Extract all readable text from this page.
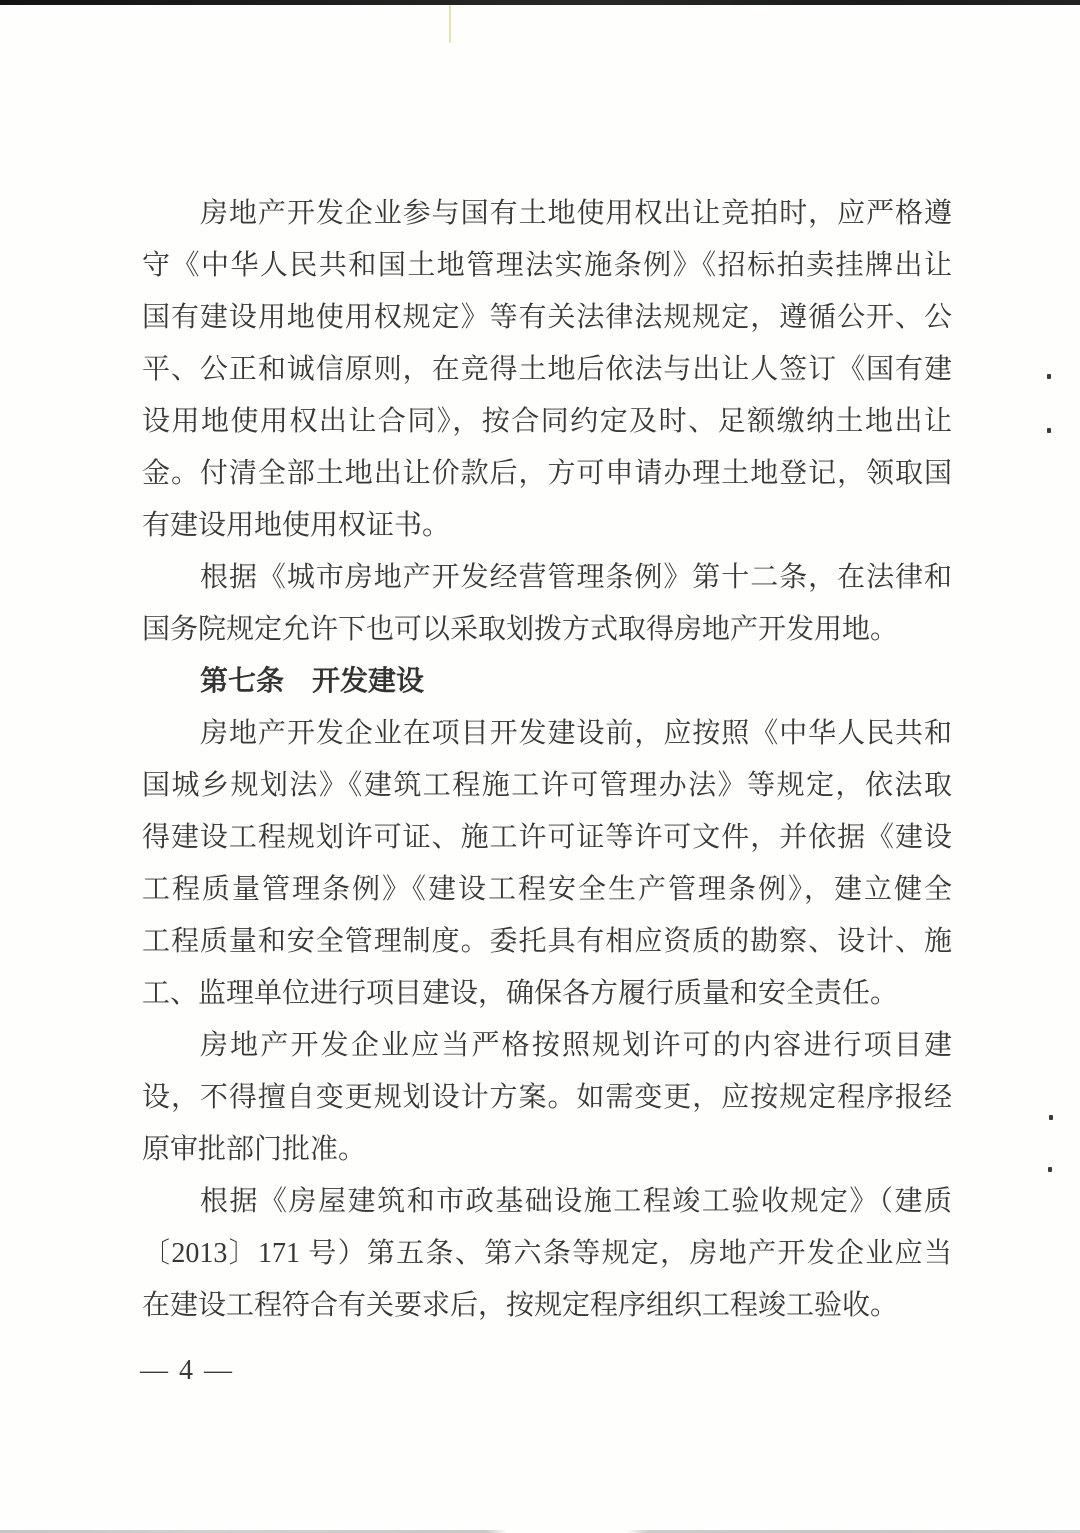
房地产开发企业参与国有土地使用权出让竞拍时，应严格遵
守《中华人民共和国土地管理法实施条例》《招标拍卖挂牌出让
国有建设用地使用权规定》等有关法律法规规定，遵循公开、公
平、公正和诚信原则，在竞得土地后依法与出让人签订《国有建
设用地使用权出让合同》，按合同约定及时、足额缴纳土地出让
金。付清全部土地出让价款后，方可申请办理土地登记，领取国
有建设用地使用权证书。
根据《城市房地产开发经营管理条例》第十二条，在法律和
国务院规定允许下也可以采取划拨方式取得房地产开发用地。
第七条　开发建设
房地产开发企业在项目开发建设前，应按照《中华人民共和
国城乡规划法》《建筑工程施工许可管理办法》等规定，依法取
得建设工程规划许可证、施工许可证等许可文件，并依据《建设
工程质量管理条例》《建设工程安全生产管理条例》，建立健全
工程质量和安全管理制度。委托具有相应资质的勘察、设计、施
工、监理单位进行项目建设，确保各方履行质量和安全责任。
房地产开发企业应当严格按照规划许可的内容进行项目建
设，不得擅自变更规划设计方案。如需变更，应按规定程序报经
原审批部门批准。
根据《房屋建筑和市政基础设施工程竣工验收规定》（建质
〔2013〕171 号）第五条、第六条等规定，房地产开发企业应当
在建设工程符合有关要求后，按规定程序组织工程竣工验收。
— 4 —
